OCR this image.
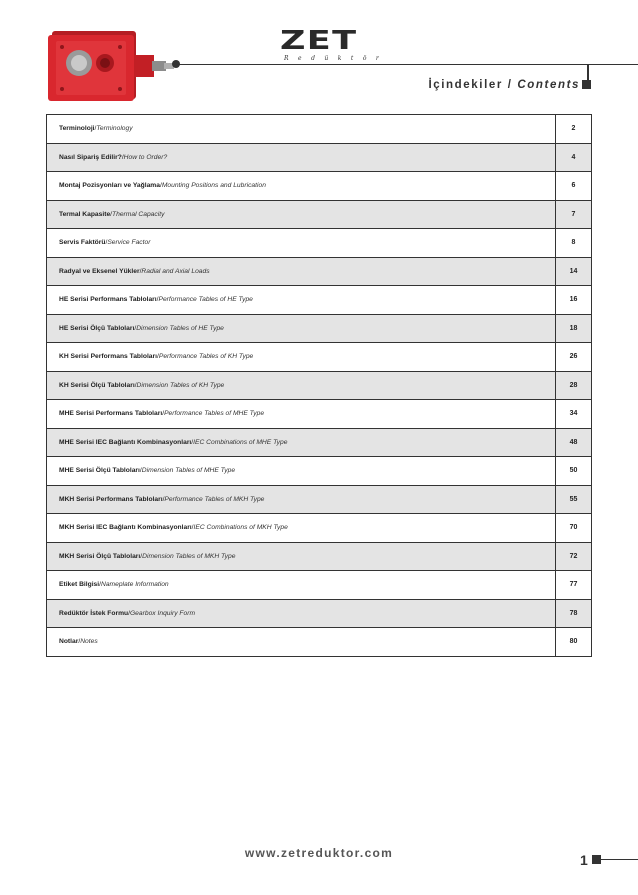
ZET
Redüktör
İçindekiler / Contents
Terminoloji / Terminology	2
Nasıl Sipariş Edilir? / How to Order?	4
Montaj Pozisyonları ve Yağlama / Mounting Positions and Lubrication	6
Termal Kapasite / Thermal Capacity	7
Servis Faktörü / Service Factor	8
Radyal ve Eksenel Yükler / Radial and Axial Loads	14
HE Serisi Performans Tabloları / Performance Tables of HE Type	16
HE Serisi Ölçü Tabloları / Dimension Tables of HE Type	18
KH Serisi Performans Tabloları / Performance Tables of KH Type	26
KH Serisi Ölçü Tabloları / Dimension Tables of KH Type	28
MHE Serisi Performans Tabloları / Performance Tables of MHE Type	34
MHE Serisi IEC Bağlantı Kombinasyonları / IEC Combinations of MHE Type	48
MHE Serisi Ölçü Tabloları / Dimension Tables of MHE Type	50
MKH Serisi Performans Tabloları / Performance Tables of MKH Type	55
MKH Serisi IEC Bağlantı Kombinasyonları / IEC Combinations of MKH Type	70
MKH Serisi Ölçü Tabloları / Dimension Tables of MKH Type	72
Etiket Bilgisi / Nameplate Information	77
Redüktör İstek Formu / Gearbox Inquiry Form	78
Notlar / Notes	80
www.zetreduktor.com	1
